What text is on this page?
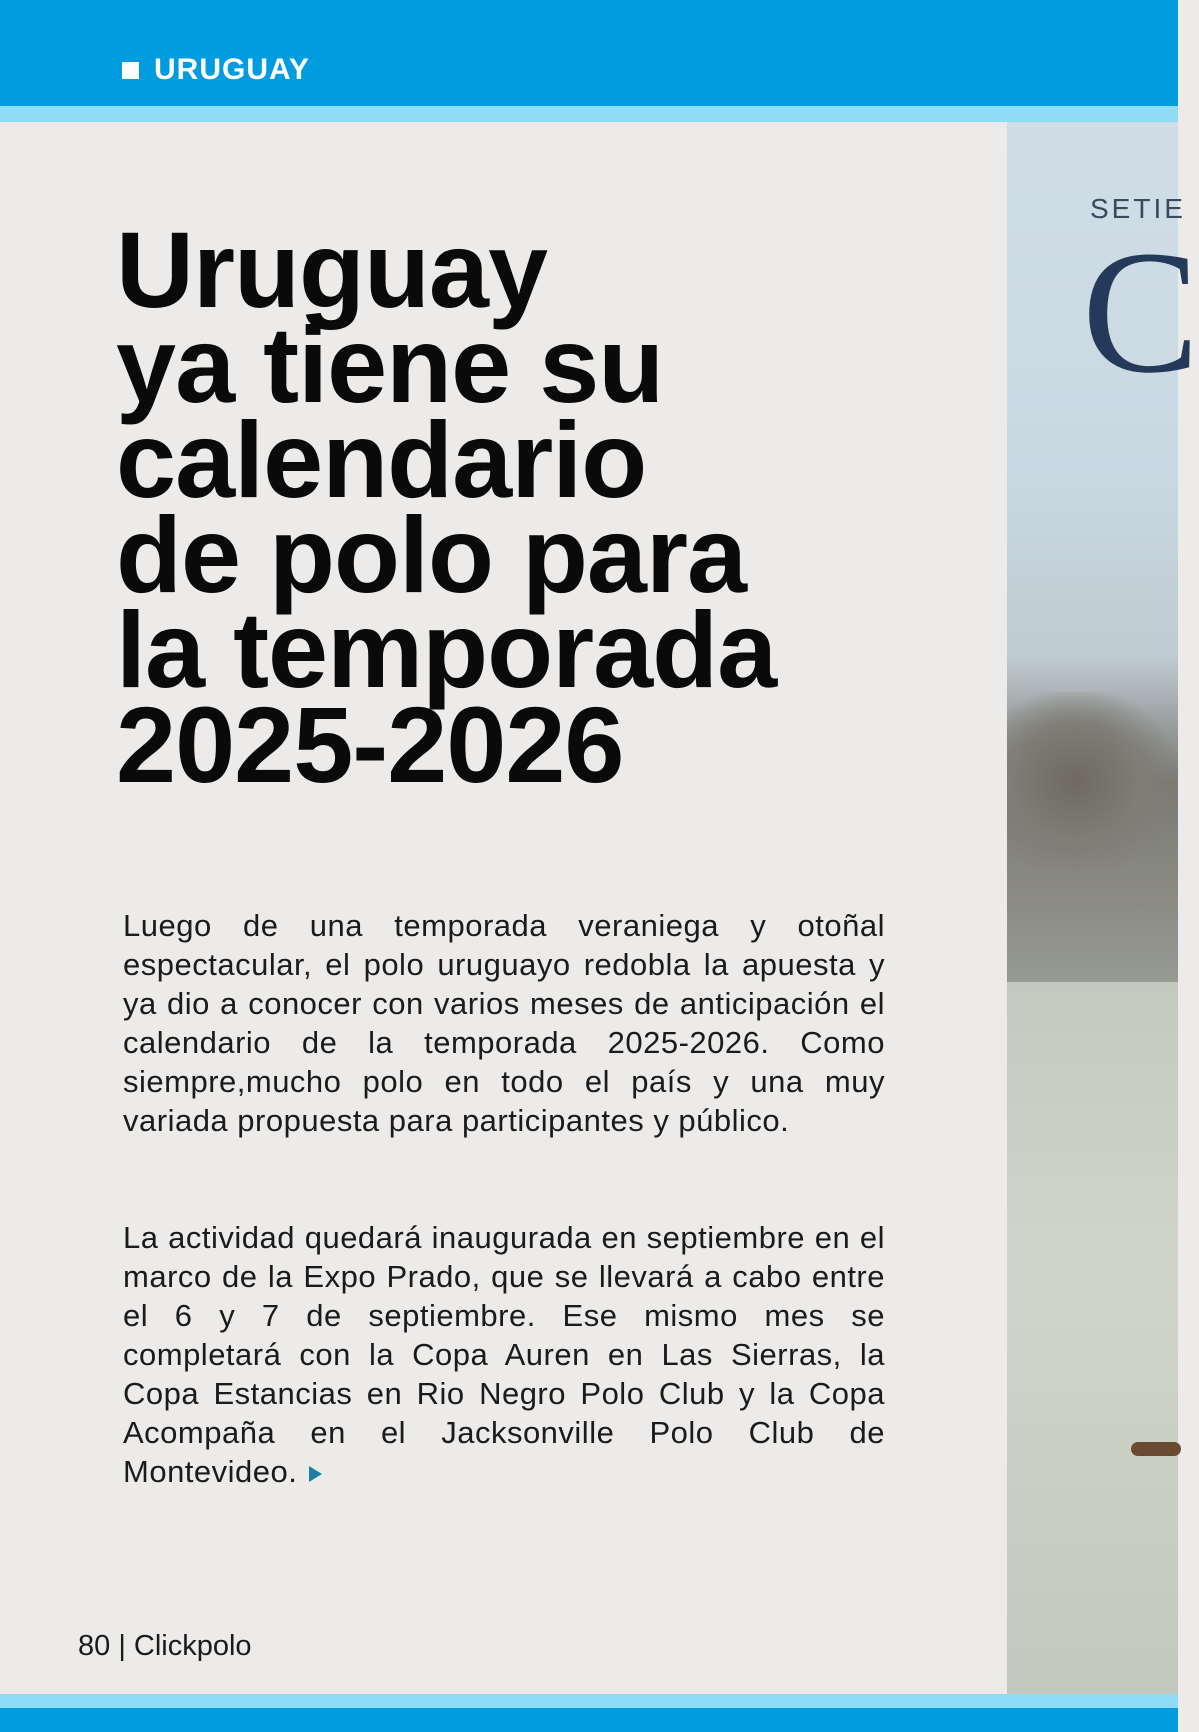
URUGUAY
SETIE
C
Uruguay
ya tiene su
calendario
de polo para
la temporada
2025-2026

Luego de una temporada veraniega y otoñal espectacular, el polo uruguayo redobla la apuesta y ya dio a conocer con varios meses de anticipación el calendario de la temporada 2025-2026. Como siempre,mucho polo en todo el país y una muy variada propuesta para participantes y público.

La actividad quedará inaugurada en septiembre en el marco de la Expo Prado, que se llevará a cabo entre el 6 y 7 de septiembre. Ese mismo mes se completará con la Copa Auren en Las Sierras, la Copa Estancias en Rio Negro Polo Club y la Copa Acompaña en el Jacksonville Polo Club de Montevideo.

80 | Clickpolo
